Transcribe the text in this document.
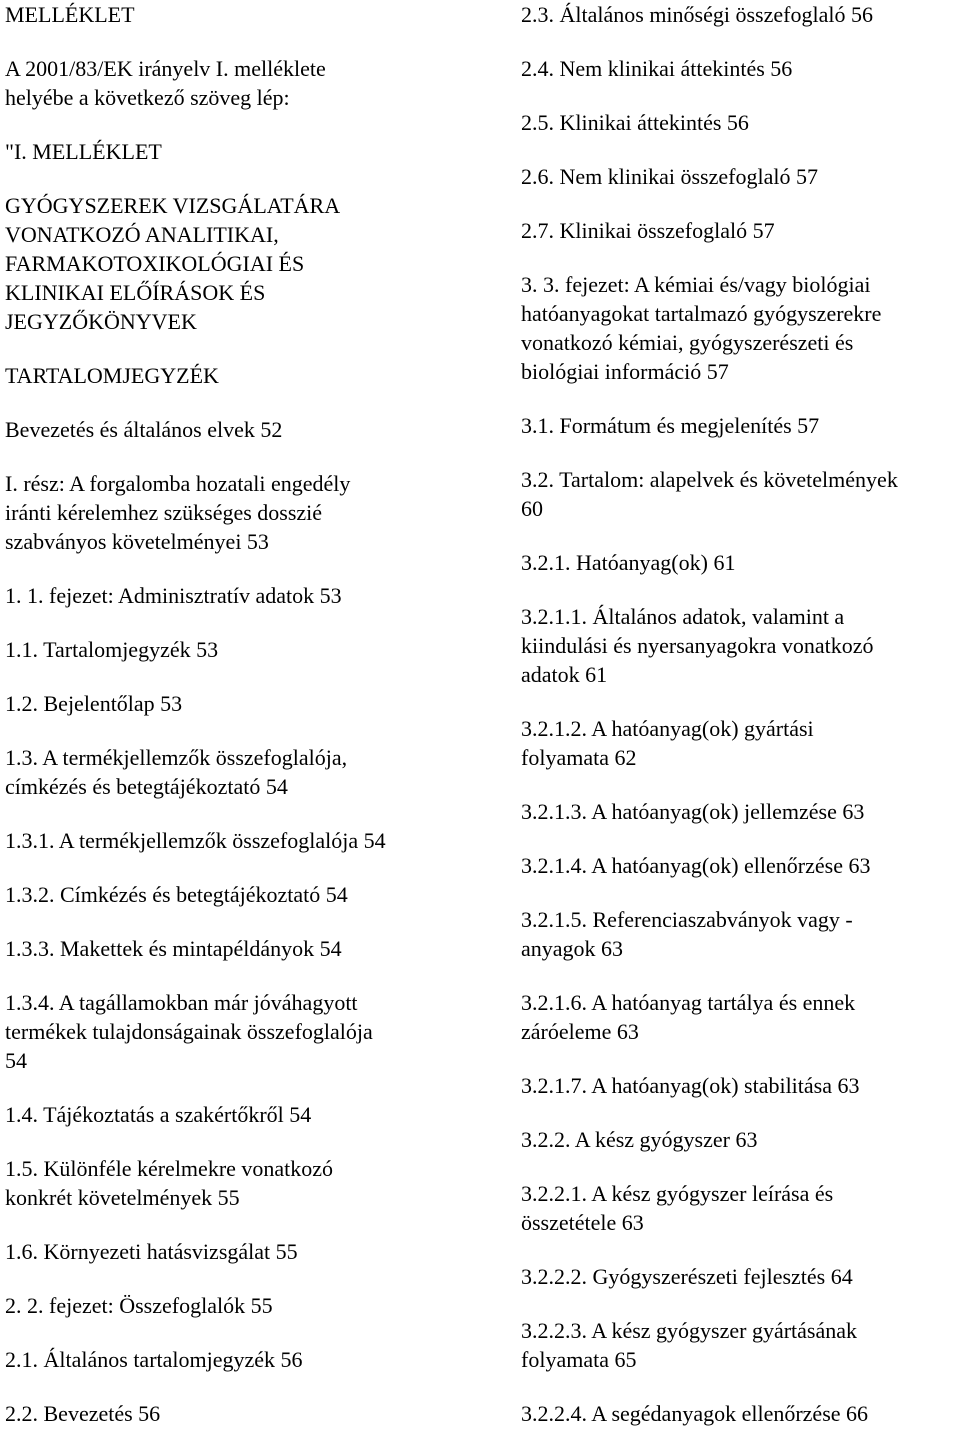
MELLÉKLET

A 2001/83/EK irányelv I. melléklete
helyébe a következő szöveg lép:

"I. MELLÉKLET

GYÓGYSZEREK VIZSGÁLATÁRA
VONATKOZÓ ANALITIKAI,
FARMAKOTOXIKOLÓGIAI ÉS
KLINIKAI ELŐÍRÁSOK ÉS
JEGYZŐKÖNYVEK

TARTALOMJEGYZÉK

Bevezetés és általános elvek 52

I. rész: A forgalomba hozatali engedély
iránti kérelemhez szükséges dosszié
szabványos követelményei 53

1. 1. fejezet: Adminisztratív adatok 53

1.1. Tartalomjegyzék 53

1.2. Bejelentőlap 53

1.3. A termékjellemzők összefoglalója,
címkézés és betegtájékoztató 54

1.3.1. A termékjellemzők összefoglalója 54

1.3.2. Címkézés és betegtájékoztató 54

1.3.3. Makettek és mintapéldányok 54

1.3.4. A tagállamokban már jóváhagyott
termékek tulajdonságainak összefoglalója
54

1.4. Tájékoztatás a szakértőkről 54

1.5. Különféle kérelmekre vonatkozó
konkrét követelmények 55

1.6. Környezeti hatásvizsgálat 55

2. 2. fejezet: Összefoglalók 55

2.1. Általános tartalomjegyzék 56

2.2. Bevezetés 56

2.3. Általános minőségi összefoglaló 56

2.4. Nem klinikai áttekintés 56

2.5. Klinikai áttekintés 56

2.6. Nem klinikai összefoglaló 57

2.7. Klinikai összefoglaló 57

3. 3. fejezet: A kémiai és/vagy biológiai
hatóanyagokat tartalmazó gyógyszerekre
vonatkozó kémiai, gyógyszerészeti és
biológiai információ 57

3.1. Formátum és megjelenítés 57

3.2. Tartalom: alapelvek és követelmények
60

3.2.1. Hatóanyag(ok) 61

3.2.1.1. Általános adatok, valamint a
kiindulási és nyersanyagokra vonatkozó
adatok 61

3.2.1.2. A hatóanyag(ok) gyártási
folyamata 62

3.2.1.3. A hatóanyag(ok) jellemzése 63

3.2.1.4. A hatóanyag(ok) ellenőrzése 63

3.2.1.5. Referenciaszabványok vagy -
anyagok 63

3.2.1.6. A hatóanyag tartálya és ennek
záróeleme 63

3.2.1.7. A hatóanyag(ok) stabilitása 63

3.2.2. A kész gyógyszer 63

3.2.2.1. A kész gyógyszer leírása és
összetétele 63

3.2.2.2. Gyógyszerészeti fejlesztés 64

3.2.2.3. A kész gyógyszer gyártásának
folyamata 65

3.2.2.4. A segédanyagok ellenőrzése 66
